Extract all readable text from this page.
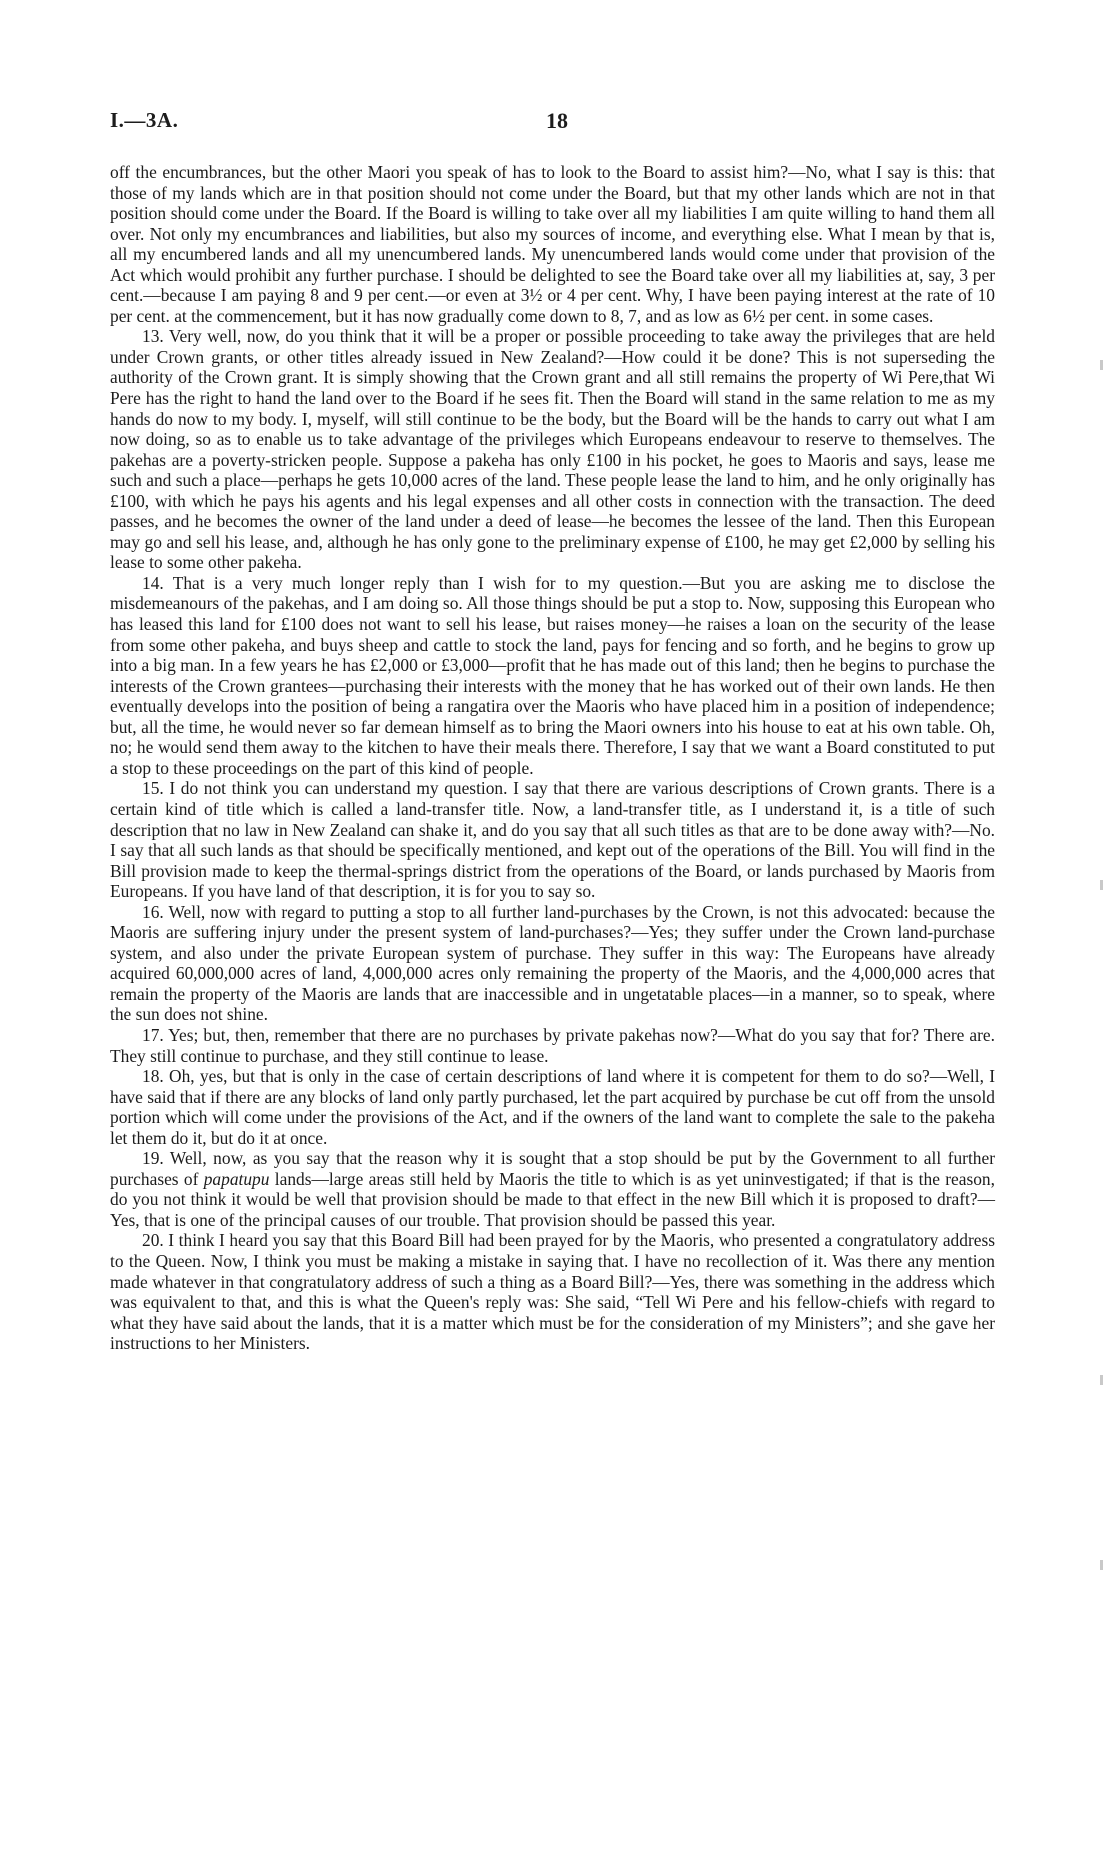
I.—3A.	18

off the encumbrances, but the other Maori you speak of has to look to the Board to assist him?—No, what I say is this: that those of my lands which are in that position should not come under the Board, but that my other lands which are not in that position should come under the Board. If the Board is willing to take over all my liabilities I am quite willing to hand them all over. Not only my encumbrances and liabilities, but also my sources of income, and everything else. What I mean by that is, all my encumbered lands and all my unencumbered lands. My unencumbered lands would come under that provision of the Act which would prohibit any further purchase. I should be delighted to see the Board take over all my liabilities at, say, 3 per cent.—because I am paying 8 and 9 per cent.—or even at 3½ or 4 per cent. Why, I have been paying interest at the rate of 10 per cent. at the commencement, but it has now gradually come down to 8, 7, and as low as 6½ per cent. in some cases.

13. Very well, now, do you think that it will be a proper or possible proceeding to take away the privileges that are held under Crown grants, or other titles already issued in New Zealand?—How could it be done? This is not superseding the authority of the Crown grant. It is simply showing that the Crown grant and all still remains the property of Wi Pere,that Wi Pere has the right to hand the land over to the Board if he sees fit. Then the Board will stand in the same relation to me as my hands do now to my body. I, myself, will still continue to be the body, but the Board will be the hands to carry out what I am now doing, so as to enable us to take advantage of the privileges which Europeans endeavour to reserve to themselves. The pakehas are a poverty-stricken people. Suppose a pakeha has only £100 in his pocket, he goes to Maoris and says, lease me such and such a place—perhaps he gets 10,000 acres of the land. These people lease the land to him, and he only originally has £100, with which he pays his agents and his legal expenses and all other costs in connection with the transaction. The deed passes, and he becomes the owner of the land under a deed of lease—he becomes the lessee of the land. Then this European may go and sell his lease, and, although he has only gone to the preliminary expense of £100, he may get £2,000 by selling his lease to some other pakeha.

14. That is a very much longer reply than I wish for to my question.—But you are asking me to disclose the misdemeanours of the pakehas, and I am doing so. All those things should be put a stop to. Now, supposing this European who has leased this land for £100 does not want to sell his lease, but raises money—he raises a loan on the security of the lease from some other pakeha, and buys sheep and cattle to stock the land, pays for fencing and so forth, and he begins to grow up into a big man. In a few years he has £2,000 or £3,000—profit that he has made out of this land; then he begins to purchase the interests of the Crown grantees—purchasing their interests with the money that he has worked out of their own lands. He then eventually develops into the position of being a rangatira over the Maoris who have placed him in a position of independence; but, all the time, he would never so far demean himself as to bring the Maori owners into his house to eat at his own table. Oh, no; he would send them away to the kitchen to have their meals there. Therefore, I say that we want a Board constituted to put a stop to these proceedings on the part of this kind of people.

15. I do not think you can understand my question. I say that there are various descriptions of Crown grants. There is a certain kind of title which is called a land-transfer title. Now, a land-transfer title, as I understand it, is a title of such description that no law in New Zealand can shake it, and do you say that all such titles as that are to be done away with?—No. I say that all such lands as that should be specifically mentioned, and kept out of the operations of the Bill. You will find in the Bill provision made to keep the thermal-springs district from the operations of the Board, or lands purchased by Maoris from Europeans. If you have land of that description, it is for you to say so.

16. Well, now with regard to putting a stop to all further land-purchases by the Crown, is not this advocated: because the Maoris are suffering injury under the present system of land-purchases?—Yes; they suffer under the Crown land-purchase system, and also under the private European system of purchase. They suffer in this way: The Europeans have already acquired 60,000,000 acres of land, 4,000,000 acres only remaining the property of the Maoris, and the 4,000,000 acres that remain the property of the Maoris are lands that are inaccessible and in ungetatable places—in a manner, so to speak, where the sun does not shine.

17. Yes; but, then, remember that there are no purchases by private pakehas now?—What do you say that for? There are. They still continue to purchase, and they still continue to lease.

18. Oh, yes, but that is only in the case of certain descriptions of land where it is competent for them to do so?—Well, I have said that if there are any blocks of land only partly purchased, let the part acquired by purchase be cut off from the unsold portion which will come under the provisions of the Act, and if the owners of the land want to complete the sale to the pakeha let them do it, but do it at once.

19. Well, now, as you say that the reason why it is sought that a stop should be put by the Government to all further purchases of papatupu lands—large areas still held by Maoris the title to which is as yet uninvestigated; if that is the reason, do you not think it would be well that provision should be made to that effect in the new Bill which it is proposed to draft?—Yes, that is one of the principal causes of our trouble. That provision should be passed this year.

20. I think I heard you say that this Board Bill had been prayed for by the Maoris, who presented a congratulatory address to the Queen. Now, I think you must be making a mistake in saying that. I have no recollection of it. Was there any mention made whatever in that congratulatory address of such a thing as a Board Bill?—Yes, there was something in the address which was equivalent to that, and this is what the Queen's reply was: She said, “Tell Wi Pere and his fellow-chiefs with regard to what they have said about the lands, that it is a matter which must be for the consideration of my Ministers”; and she gave her instructions to her Ministers.
